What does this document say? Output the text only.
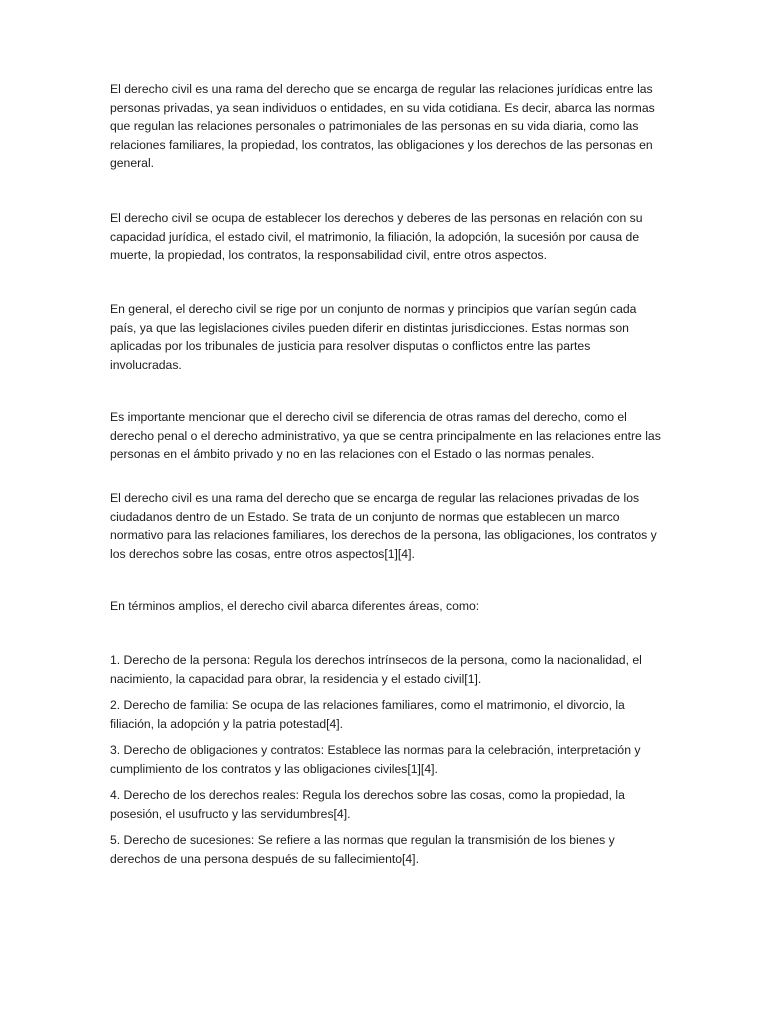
El derecho civil es una rama del derecho que se encarga de regular las relaciones jurídicas entre las personas privadas, ya sean individuos o entidades, en su vida cotidiana. Es decir, abarca las normas que regulan las relaciones personales o patrimoniales de las personas en su vida diaria, como las relaciones familiares, la propiedad, los contratos, las obligaciones y los derechos de las personas en general.

El derecho civil se ocupa de establecer los derechos y deberes de las personas en relación con su capacidad jurídica, el estado civil, el matrimonio, la filiación, la adopción, la sucesión por causa de muerte, la propiedad, los contratos, la responsabilidad civil, entre otros aspectos.

En general, el derecho civil se rige por un conjunto de normas y principios que varían según cada país, ya que las legislaciones civiles pueden diferir en distintas jurisdicciones. Estas normas son aplicadas por los tribunales de justicia para resolver disputas o conflictos entre las partes involucradas.

Es importante mencionar que el derecho civil se diferencia de otras ramas del derecho, como el derecho penal o el derecho administrativo, ya que se centra principalmente en las relaciones entre las personas en el ámbito privado y no en las relaciones con el Estado o las normas penales.

El derecho civil es una rama del derecho que se encarga de regular las relaciones privadas de los ciudadanos dentro de un Estado. Se trata de un conjunto de normas que establecen un marco normativo para las relaciones familiares, los derechos de la persona, las obligaciones, los contratos y los derechos sobre las cosas, entre otros aspectos[1][4].

En términos amplios, el derecho civil abarca diferentes áreas, como:

1. Derecho de la persona: Regula los derechos intrínsecos de la persona, como la nacionalidad, el nacimiento, la capacidad para obrar, la residencia y el estado civil[1].

2. Derecho de familia: Se ocupa de las relaciones familiares, como el matrimonio, el divorcio, la filiación, la adopción y la patria potestad[4].

3. Derecho de obligaciones y contratos: Establece las normas para la celebración, interpretación y cumplimiento de los contratos y las obligaciones civiles[1][4].

4. Derecho de los derechos reales: Regula los derechos sobre las cosas, como la propiedad, la posesión, el usufructo y las servidumbres[4].

5. Derecho de sucesiones: Se refiere a las normas que regulan la transmisión de los bienes y derechos de una persona después de su fallecimiento[4].
